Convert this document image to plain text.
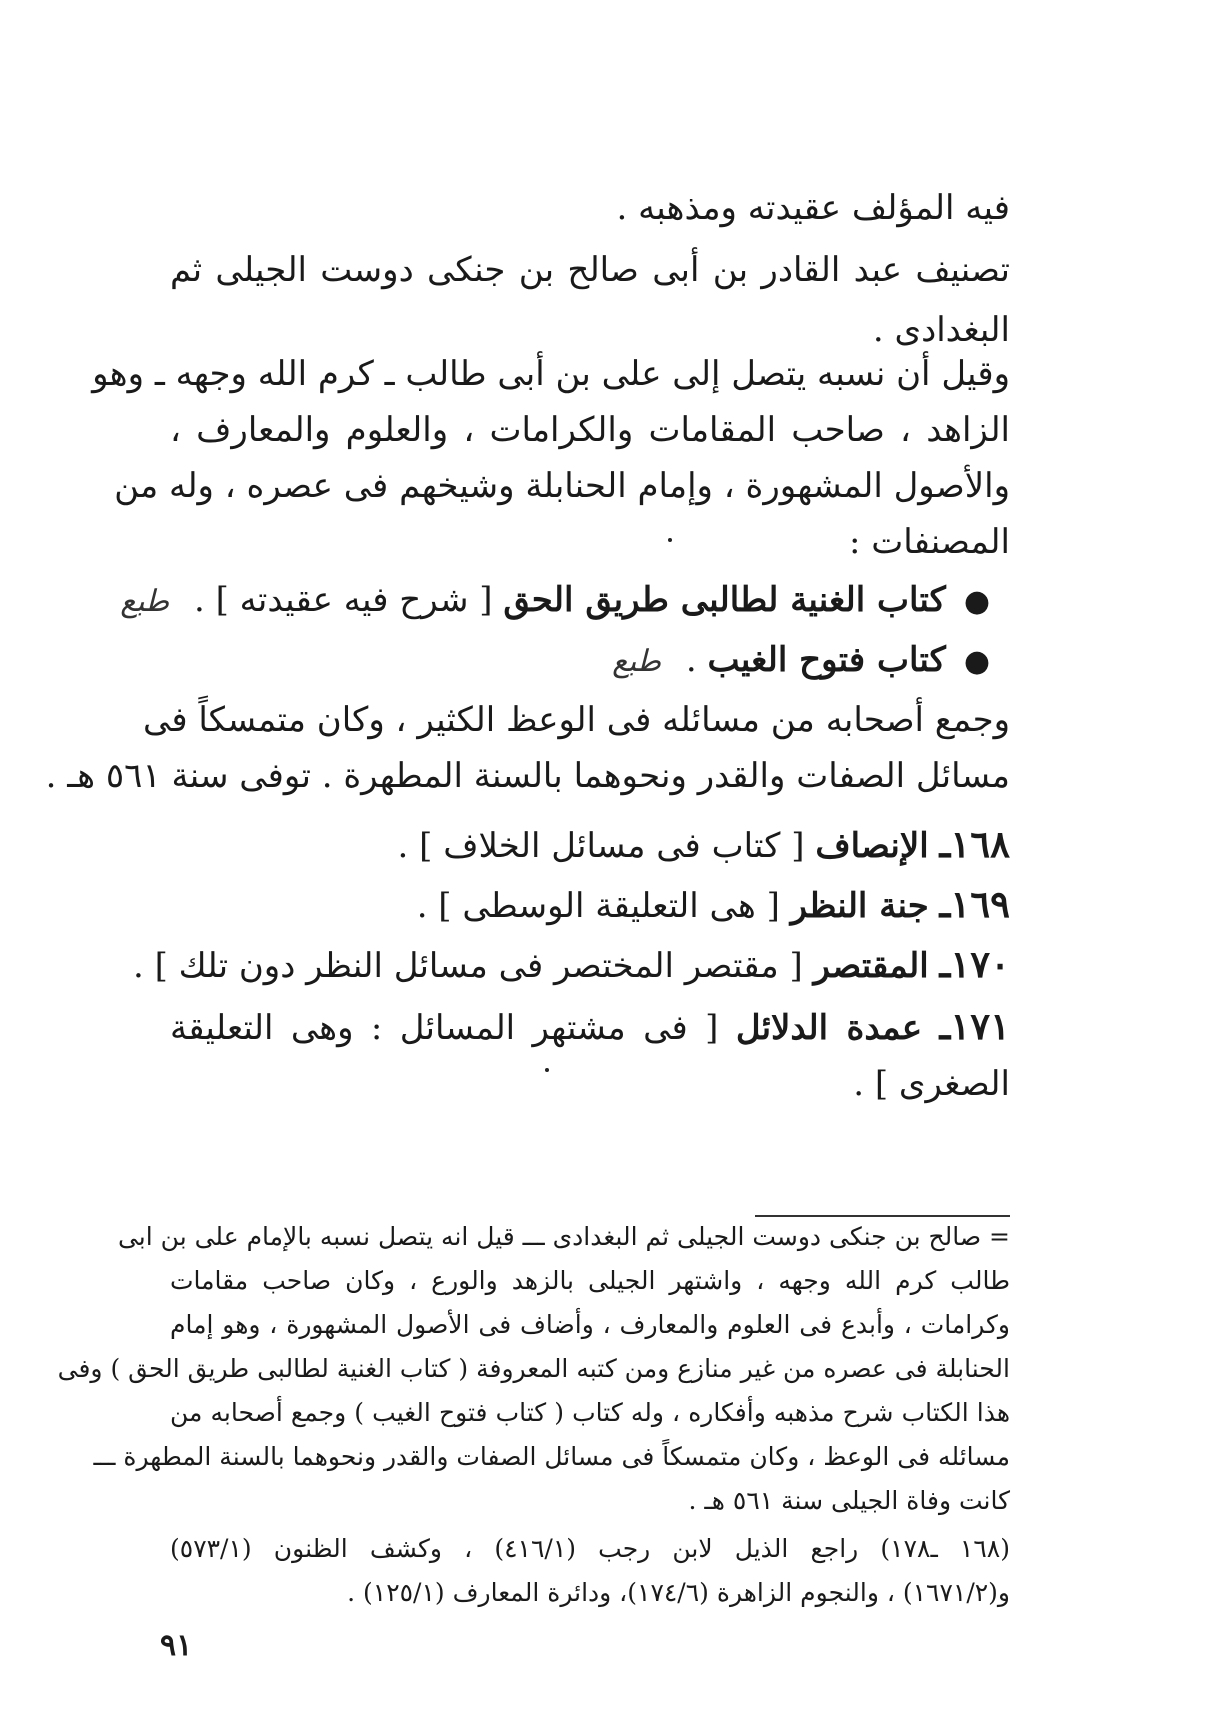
فيه المؤلف عقيدته ومذهبه .
تصنيف عبد القادر بن أبى صالح بن جنكى دوست الجيلى ثم
البغدادى .
وقيل أن نسبه يتصل إلى على بن أبى طالب ـ كرم الله وجهه ـ وهو
الزاهد ، صاحب المقامات والكرامات ، والعلوم والمعارف ،
والأصول المشهورة ، وإمام الحنابلة وشيخهم فى عصره ، وله من
المصنفات :
●كتاب الغنية لطالبى طريق الحق [ شرح فيه عقيدته ] . طبع
●كتاب فتوح الغيب . طبع
وجمع أصحابه من مسائله فى الوعظ الكثير ، وكان متمسكاً فى
مسائل الصفات والقدر ونحوهما بالسنة المطهرة . توفى سنة ٥٦١ هـ .
١٦٨ـ الإنصاف [ كتاب فى مسائل الخلاف ] .
١٦٩ـ جنة النظر [ هى التعليقة الوسطى ] .
١٧٠ـ المقتصر [ مقتصر المختصر فى مسائل النظر دون تلك ] .
١٧١ـ عمدة الدلائل [ فى مشتهر المسائل : وهى التعليقة
الصغرى ] .
= صالح بن جنكى دوست الجيلى ثم البغدادى ـــ قيل انه يتصل نسبه بالإمام على بن ابى
طالب كرم الله وجهه ، واشتهر الجيلى بالزهد والورع ، وكان صاحب مقامات
وكرامات ، وأبدع فى العلوم والمعارف ، وأضاف فى الأصول المشهورة ، وهو إمام
الحنابلة فى عصره من غير منازع ومن كتبه المعروفة ( كتاب الغنية لطالبى طريق الحق ) وفى
هذا الكتاب شرح مذهبه وأفكاره ، وله كتاب ( كتاب فتوح الغيب ) وجمع أصحابه من
مسائله فى الوعظ ، وكان متمسكاً فى مسائل الصفات والقدر ونحوهما بالسنة المطهرة ـــ
كانت وفاة الجيلى سنة ٥٦١ هـ .
(١٦٨ ـ١٧٨) راجع الذيل لابن رجب (٤١٦/١) ، وكشف الظنون (٥٧٣/١)
و(١٦٧١/٢) ، والنجوم الزاهرة (١٧٤/٦)، ودائرة المعارف (١٢٥/١) .
٩١
